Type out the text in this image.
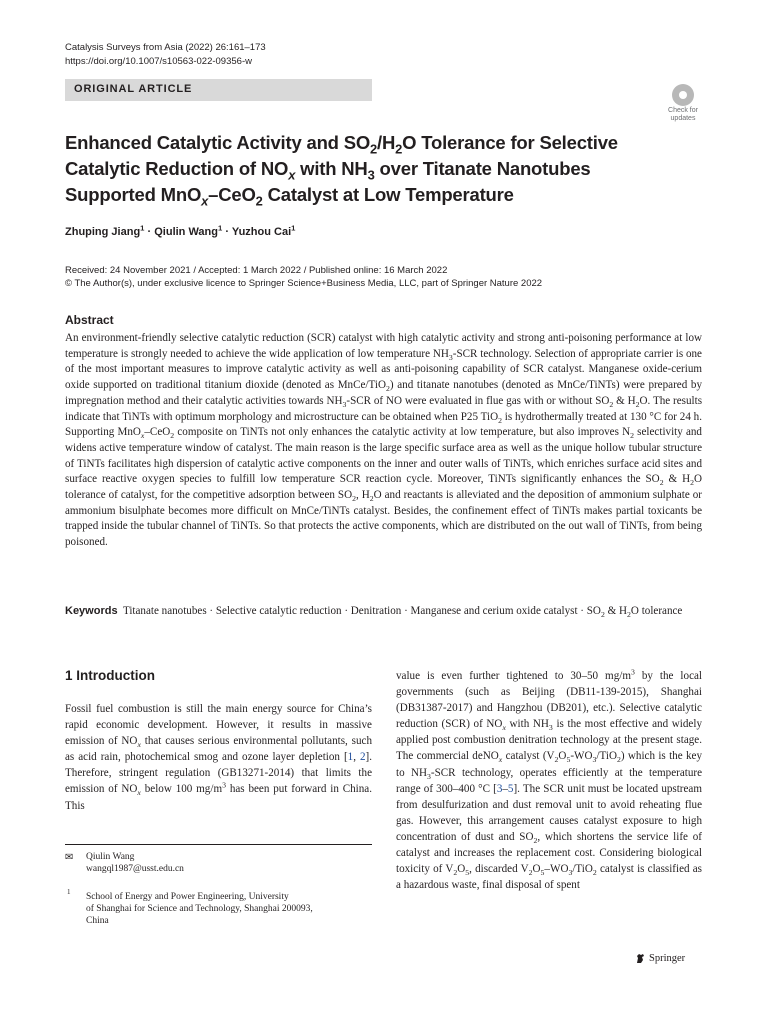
Catalysis Surveys from Asia (2022) 26:161–173
https://doi.org/10.1007/s10563-022-09356-w
ORIGINAL ARTICLE
Check for
updates
Enhanced Catalytic Activity and $SO_2/H_2O$ Tolerance for Selective
Catalytic Reduction of $NO_x$ with $NH_3$ over Titanate Nanotubes
Supported MnO$_x$–CeO$_2$ Catalyst at Low Temperature
Zhuping Jiang$^1$ · Qiulin Wang$^1$ · Yuzhou Cai$^1$
Received: 24 November 2021 / Accepted: 1 March 2022 / Published online: 16 March 2022
© The Author(s), under exclusive licence to Springer Science+Business Media, LLC, part of Springer Nature 2022
Abstract
An environment-friendly selective catalytic reduction (SCR) catalyst with high catalytic activity and strong anti-poisoning performance at low temperature is strongly needed to achieve the wide application of low temperature $NH_3$-SCR technology. Selection of appropriate carrier is one of the most important measures to improve catalytic activity as well as anti-poisoning capability of SCR catalyst. Manganese oxide-cerium oxide supported on traditional titanium dioxide (denoted as MnCe/TiO$_2$) and titanate nanotubes (denoted as MnCe/TiNTs) were prepared by impregnation method and their catalytic activities towards $NH_3$-SCR of NO were evaluated in flue gas with or without $SO_2$ & $H_2O$. The results indicate that TiNTs with optimum morphology and microstructure can be obtained when P25 TiO$_2$ is hydrothermally treated at 130 °C for 24 h. Supporting MnO$_x$–CeO$_2$ composite on TiNTs not only enhances the catalytic activity at low temperature, but also improves $N_2$ selectivity and widens active temperature window of catalyst. The main reason is the large specific surface area as well as the unique hollow tubular structure of TiNTs facilitates high dispersion of catalytic active components on the inner and outer walls of TiNTs, which enriches surface acid sites and surface reactive oxygen species to fulfill low temperature SCR reaction cycle. Moreover, TiNTs significantly enhances the $SO_2$ & $H_2O$ tolerance of catalyst, for the competitive adsorption between $SO_2$, $H_2O$ and reactants is alleviated and the deposition of ammonium sulphate or ammonium bisulphate becomes more difficult on MnCe/TiNTs catalyst. Besides, the confinement effect of TiNTs makes partial toxicants be trapped inside the tubular channel of TiNTs. So that protects the active components, which are distributed on the out wall of TiNTs, from being poisoned.
Keywords Titanate nanotubes · Selective catalytic reduction · Denitration · Manganese and cerium oxide catalyst · $SO_2$ & $H_2O$ tolerance
1 Introduction

Fossil fuel combustion is still the main energy source for China’s rapid economic development. However, it results in massive emission of $NO_x$ that causes serious environmental pollutants, such as acid rain, photochemical smog and ozone layer depletion [1, 2]. Therefore, stringent regulation (GB13271-2014) that limits the emission of $NO_x$ below 100 $mg/m^3$ has been put forward in China. This

value is even further tightened to 30–50 $mg/m^3$ by the local governments (such as Beijing (DB11-139-2015), Shanghai (DB31387-2017) and Hangzhou (DB201), etc.). Selective catalytic reduction (SCR) of $NO_x$ with $NH_3$ is the most effective and widely applied post combustion denitration technology at the present stage. The commercial deNO$_x$ catalyst $(V_2O_5-WO_3/TiO_2)$ which is the key to $NH_3$-SCR technology, operates efficiently at the temperature range of 300–400 °C [3–5]. The SCR unit must be located upstream from desulfurization and dust removal unit to avoid reheating flue gas. However, this arrangement causes catalyst exposure to high concentration of dust and $SO_2$, which shortens the service life of catalyst and increases the replacement cost. Considering biological toxicity of $V_2O_5$, discarded $V_2O_5-WO_3/TiO_2$ catalyst is classified as a hazardous waste, final disposal of spent

✉ Qiulin Wang
wangql1987@usst.edu.cn
1 School of Energy and Power Engineering, University
of Shanghai for Science and Technology, Shanghai 200093,
China
Springer
